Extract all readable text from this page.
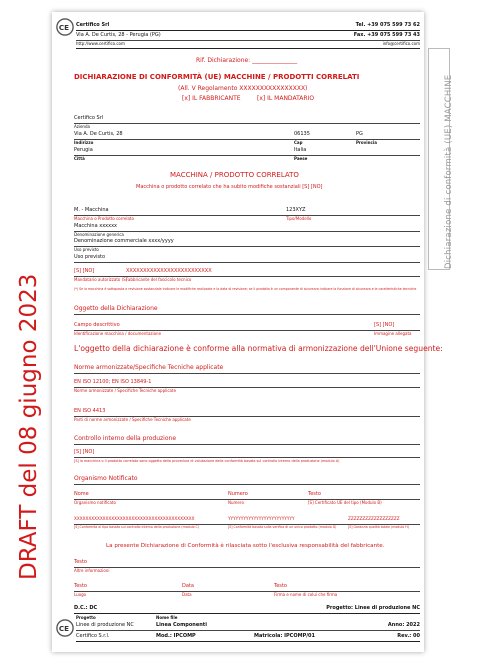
DRAFT del 08 giugno 2023
CE Certifico Srl
Via A. De Curtis, 28 - Perugia (PG)
http://www.certifico.com
Tel. +39 075 599 73 62
Fax. +39 075 599 73 43
info@certifico.com
Rif. Dichiarazione: _______________
DICHIARAZIONE DI CONFORMITÀ (UE) MACCHINE / PRODOTTI CORRELATI
(All. V Regolamento XXXXXXXXXXXXXXXX)
[x] IL FABBRICANTE	[x] IL MANDATARIO
Certifico Srl
Azienda
Via A. De Curtis, 28	06135	PG
Indirizzo	Cap	Provincia
Perugia	Italia
Città	Paese
MACCHINA / PRODOTTO CORRELATO
Macchina o prodotto correlato che ha subito modifiche sostanziali [S] [NO]
M. - Macchina	123XYZ
Macchina o Prodotto correlato	Tipo/Modello
Macchina xxxxxx
Denominazione generica
Denominazione commerciale xxxx/yyyy
Uso previsto
Uso previsto
[S] [NO]	XXXXXXXXXXXXXXXXXXXXXXXXX
Mandatario autorizzato (S)
Fabbricante del fascicolo tecnico
(*) Se la macchina è sottoposta a revisione sostanziale indicare le modifiche realizzate e la data di revisione; se il prodotto è un componente di sicurezza indicare la funzione di sicurezza e le caratteristiche tecniche
Oggetto della Dichiarazione
Campo descrittivo	[S] [NO]
Identificazione macchina / documentazione	Immagine allegata
L'oggetto della dichiarazione è conforme alla normativa di armonizzazione dell'Unione seguente:
Norme armonizzate/Specifiche Tecniche applicate
EN ISO 12100; EN ISO 13849-1
Norme armonizzate / Specifiche Tecniche applicate
EN ISO 4413
Parti di norme armonizzate / Specifiche Tecniche applicate
Controllo interno della produzione
[S] [NO]
[S] la macchina o il prodotto correlato sono oggetto della procedura di valutazione della conformità basata sul controllo interno della produzione (modulo A)
Organismo Notificato
Nome	Numero	Testo
Organismo notificato	Numero	[S] Certificato UE del tipo (Modulo B)
XXXXXXXXXXXXXXXXXXXXXXXXXXXXXXXXXXXXXXXXXX	YYYYYYYYYYYYYYYYYYYYYYYYYY	ZZZZZZZZZZZZZZZZZZ
[S] Conformità al tipo basata sul controllo interno della produzione (modulo C)	[S] Conformità basata sulla verifica di un unico prodotto (modulo G)	[S] Garanzia qualità totale (modulo H)
La presente Dichiarazione di Conformità è rilasciata sotto l'esclusiva responsabilità del fabbricante.
Testo
Altre informazioni
Testo	Data	Testo
Luogo	Data	Firma e nome di colui che firma
D.C.: DC	Progetto: Linee di produzione NC
CE
Progetto	Nome file
Linee di produzione NC	Linea Componenti	Anno: 2022
Certifico S.r.l.	Mod.: IPCOMP	Matricola: IPCOMP/01	Rev.: 00
Dichiarazione di conformità (UE) MACCHINE
